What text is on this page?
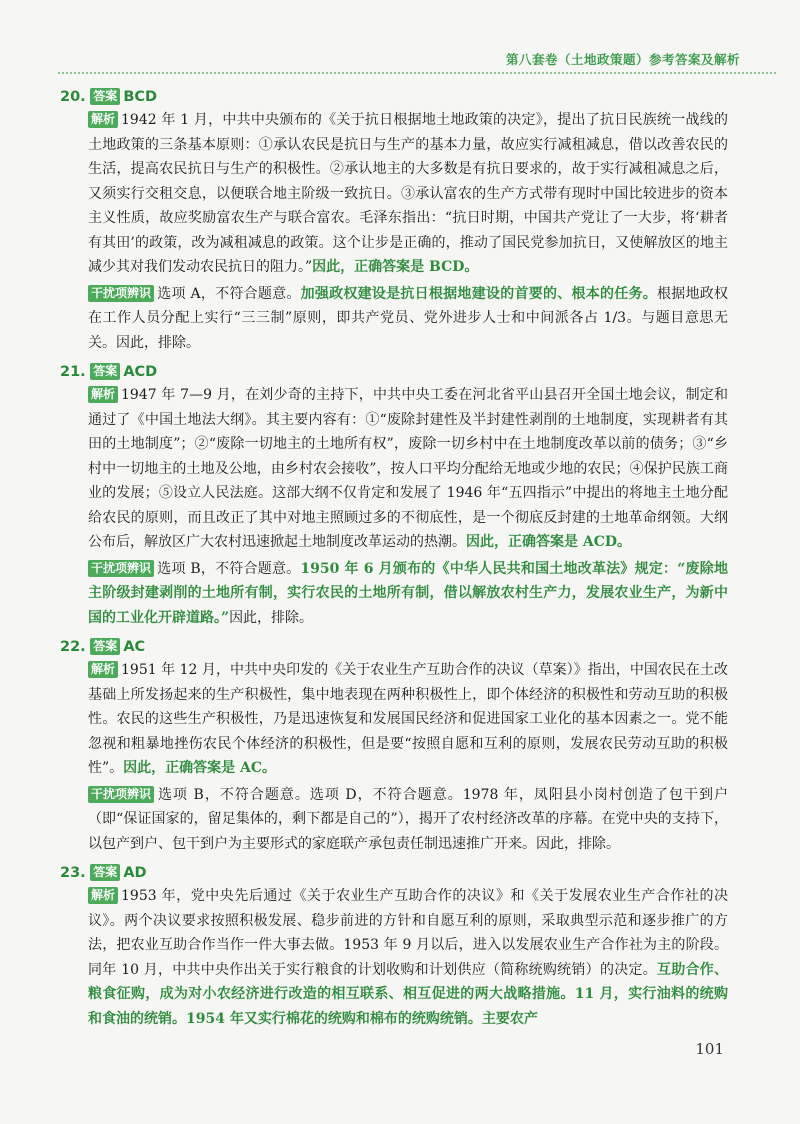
第八套卷（土地政策题）参考答案及解析
20. 答案 BCD

解析 1942 年 1 月，中共中央颁布的《关于抗日根据地土地政策的决定》，提出了抗日民族统一战线的土地政策的三条基本原则：①承认农民是抗日与生产的基本力量，故应实行减租减息，借以改善农民的生活，提高农民抗日与生产的积极性。②承认地主的大多数是有抗日要求的，故于实行减租减息之后，又须实行交租交息，以便联合地主阶级一致抗日。③承认富农的生产方式带有现时中国比较进步的资本主义性质，故应奖励富农生产与联合富农。毛泽东指出：“抗日时期，中国共产党让了一大步，将‘耕者有其田’的政策，改为减租减息的政策。这个让步是正确的，推动了国民党参加抗日，又使解放区的地主减少其对我们发动农民抗日的阻力。”因此，正确答案是 BCD。

干扰项辨识 选项 A，不符合题意。加强政权建设是抗日根据地建设的首要的、根本的任务。根据地政权在工作人员分配上实行“三三制”原则，即共产党员、党外进步人士和中间派各占 1/3。与题目意思无关。因此，排除。

21. 答案 ACD

解析 1947 年 7—9 月，在刘少奇的主持下，中共中央工委在河北省平山县召开全国土地会议，制定和通过了《中国土地法大纲》。其主要内容有：①“废除封建性及半封建性剥削的土地制度，实现耕者有其田的土地制度”；②“废除一切地主的土地所有权”，废除一切乡村中在土地制度改革以前的债务；③“乡村中一切地主的土地及公地，由乡村农会接收”，按人口平均分配给无地或少地的农民；④保护民族工商业的发展；⑤设立人民法庭。这部大纲不仅肯定和发展了 1946 年“五四指示”中提出的将地主土地分配给农民的原则，而且改正了其中对地主照顾过多的不彻底性，是一个彻底反封建的土地革命纲领。大纲公布后，解放区广大农村迅速掀起土地制度改革运动的热潮。因此，正确答案是 ACD。

干扰项辨识 选项 B，不符合题意。1950 年 6 月颁布的《中华人民共和国土地改革法》规定：“废除地主阶级封建剥削的土地所有制，实行农民的土地所有制，借以解放农村生产力，发展农业生产，为新中国的工业化开辟道路。”因此，排除。

22. 答案 AC

解析 1951 年 12 月，中共中央印发的《关于农业生产互助合作的决议（草案）》指出，中国农民在土改基础上所发扬起来的生产积极性，集中地表现在两种积极性上，即个体经济的积极性和劳动互助的积极性。农民的这些生产积极性，乃是迅速恢复和发展国民经济和促进国家工业化的基本因素之一。党不能忽视和粗暴地挫伤农民个体经济的积极性，但是要“按照自愿和互利的原则，发展农民劳动互助的积极性”。因此，正确答案是 AC。

干扰项辨识 选项 B，不符合题意。选项 D，不符合题意。1978 年，凤阳县小岗村创造了包干到户（即“保证国家的，留足集体的，剩下都是自己的”），揭开了农村经济改革的序幕。在党中央的支持下，以包产到户、包干到户为主要形式的家庭联产承包责任制迅速推广开来。因此，排除。

23. 答案 AD

解析 1953 年，党中央先后通过《关于农业生产互助合作的决议》和《关于发展农业生产合作社的决议》。两个决议要求按照积极发展、稳步前进的方针和自愿互利的原则，采取典型示范和逐步推广的方法，把农业互助合作当作一件大事去做。1953 年 9 月以后，进入以发展农业生产合作社为主的阶段。同年 10 月，中共中央作出关于实行粮食的计划收购和计划供应（简称统购统销）的决定。互助合作、粮食征购，成为对小农经济进行改造的相互联系、相互促进的两大战略措施。11 月，实行油料的统购和食油的统销。1954 年又实行棉花的统购和棉布的统购统销。主要农产

101
